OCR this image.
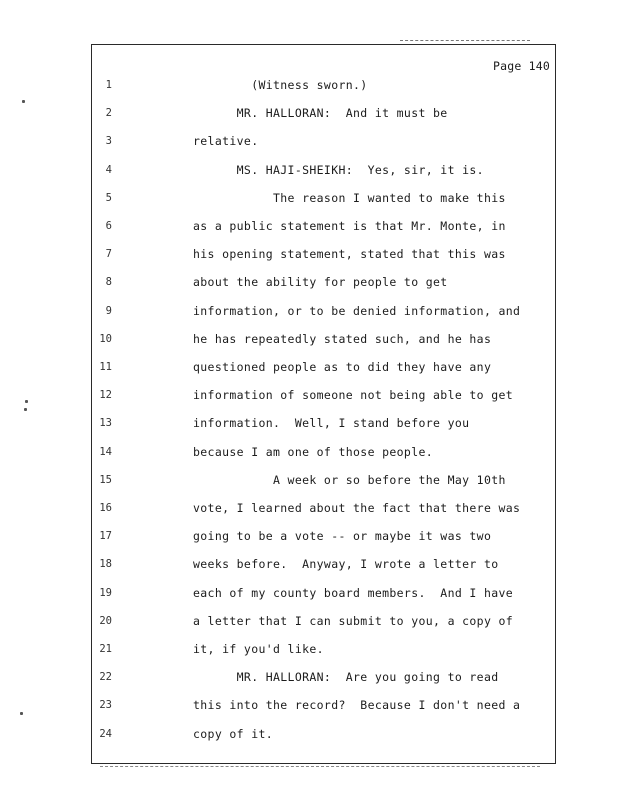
Page 140
1	(Witness sworn.)
2	MR. HALLORAN:  And it must be
3	relative.
4	MS. HAJI-SHEIKH:  Yes, sir, it is.
5	The reason I wanted to make this
6	as a public statement is that Mr. Monte, in
7	his opening statement, stated that this was
8	about the ability for people to get
9	information, or to be denied information, and
10	he has repeatedly stated such, and he has
11	questioned people as to did they have any
12	information of someone not being able to get
13	information.  Well, I stand before you
14	because I am one of those people.
15	A week or so before the May 10th
16	vote, I learned about the fact that there was
17	going to be a vote -- or maybe it was two
18	weeks before.  Anyway, I wrote a letter to
19	each of my county board members.  And I have
20	a letter that I can submit to you, a copy of
21	it, if you'd like.
22	MR. HALLORAN:  Are you going to read
23	this into the record?  Because I don't need a
24	copy of it.
